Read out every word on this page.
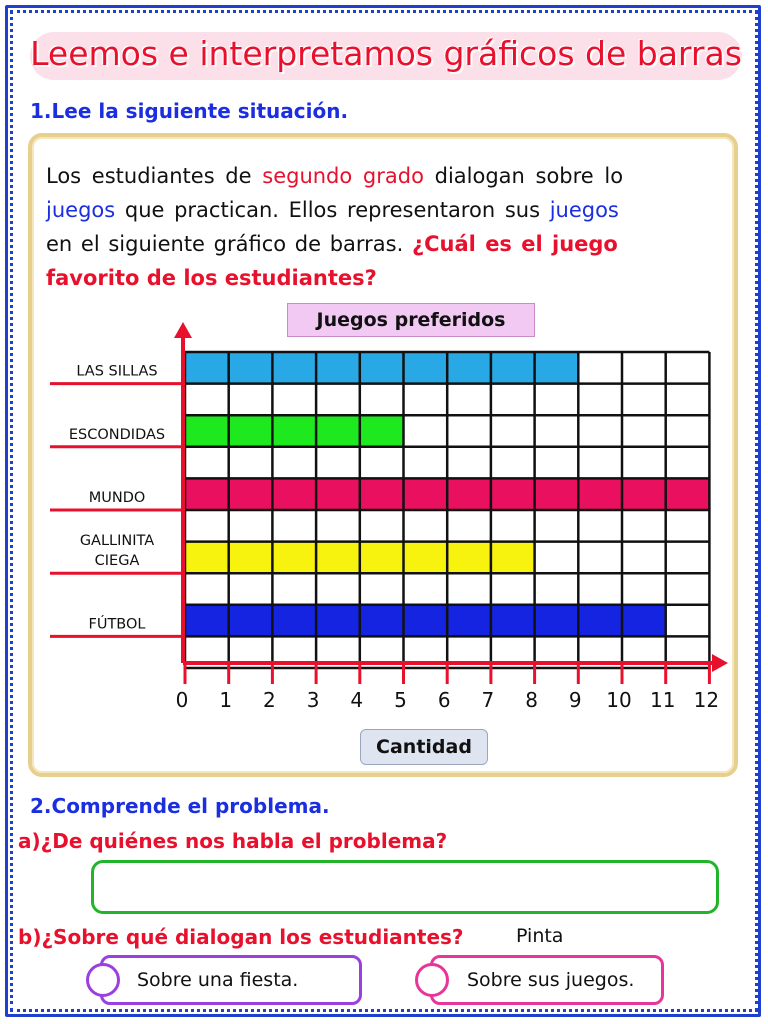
Leemos e interpretamos gráficos de barras
1.Lee la siguiente situación.
Los estudiantes de segundo grado dialogan sobre lo
juegos que practican. Ellos representaron sus juegos
en el siguiente gráfico de barras. ¿Cuál es el juego
favorito de los estudiantes?
Juegos preferidos
LAS SILLAS
ESCONDIDAS
MUNDO
GALLINITA
CIEGA
FÚTBOL
0 1 2 3 4 5 6 7 8 9 10 11 12
Cantidad
2.Comprende el problema.
a)¿De quiénes nos habla el problema?
b)¿Sobre qué dialogan los estudiantes?	Pinta
Sobre una fiesta.	Sobre sus juegos.
